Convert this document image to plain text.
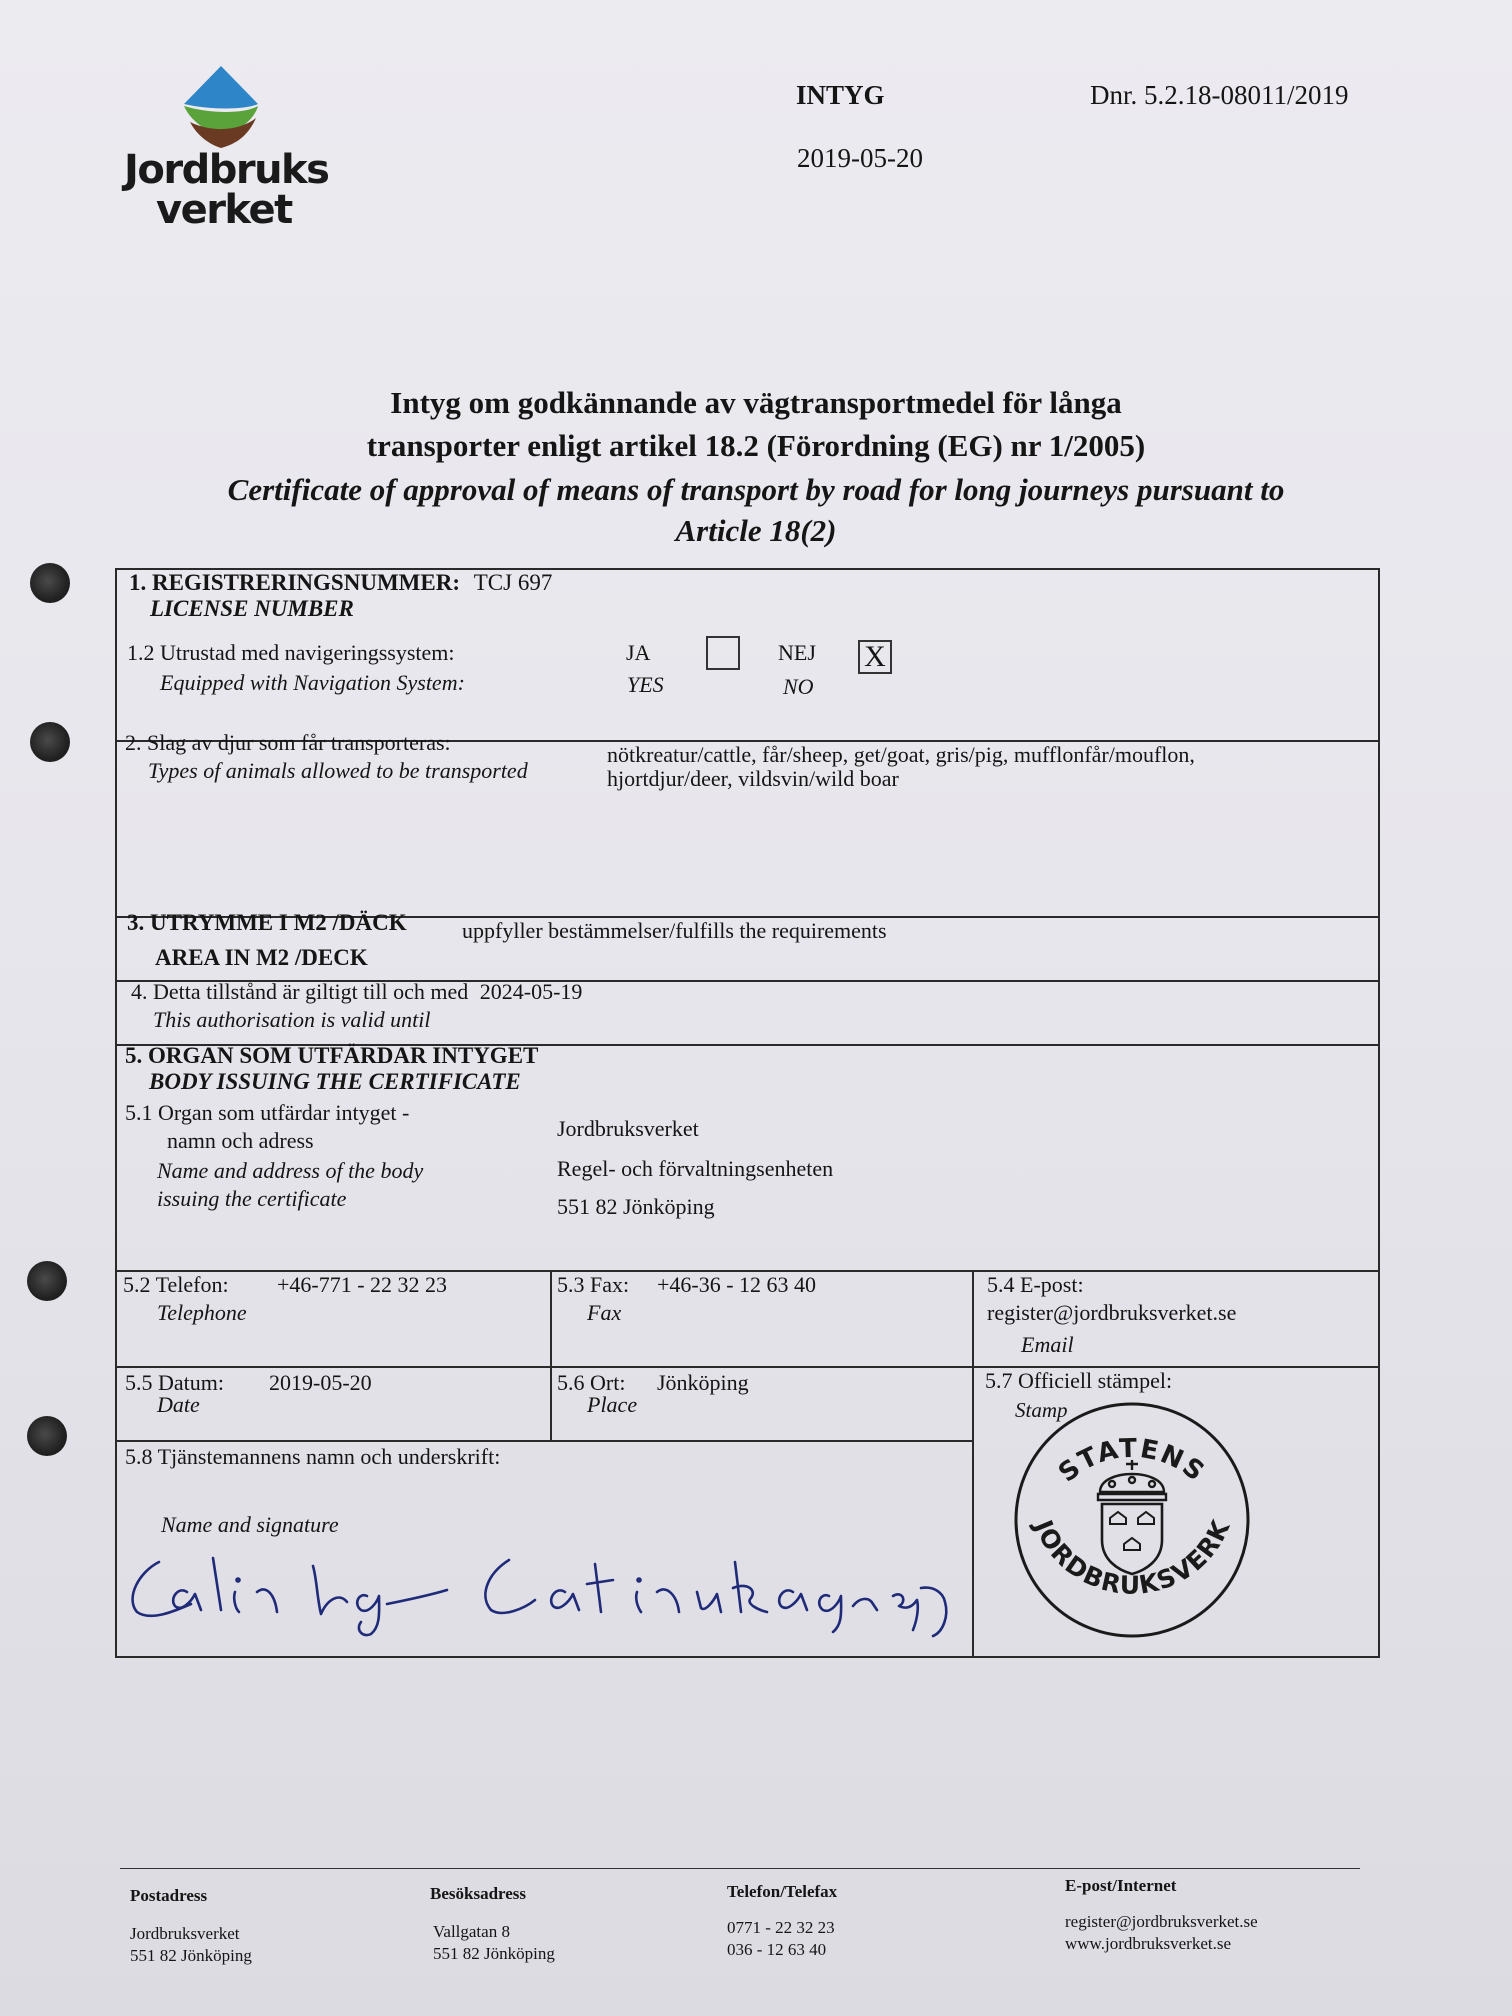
Jordbruks
verket
INTYG	Dnr. 5.2.18-08011/2019
2019-05-20
Intyg om godkännande av vägtransportmedel för långa
transporter enligt artikel 18.2 (Förordning (EG) nr 1/2005)
Certificate of approval of means of transport by road for long journeys pursuant to
Article 18(2)
1. REGISTRERINGSNUMMER: TCJ 697
LICENSE NUMBER
1.2 Utrustad med navigeringssystem:
Equipped with Navigation System:
JA
YES
NEJ
NO
X
2. Slag av djur som får transporteras:
Types of animals allowed to be transported
nötkreatur/cattle, får/sheep, get/goat, gris/pig, mufflonfår/mouflon,
hjortdjur/deer, vildsvin/wild boar
3. UTRYMME I M2 /DÄCK	uppfyller bestämmelser/fulfills the requirements
AREA IN M2 /DECK
4. Detta tillstånd är giltigt till och med 2024-05-19
This authorisation is valid until
5. ORGAN SOM UTFÄRDAR INTYGET
BODY ISSUING THE CERTIFICATE
5.1 Organ som utfärdar intyget -
namn och adress
Name and address of the body
issuing the certificate
Jordbruksverket
Regel- och förvaltningsenheten
551 82 Jönköping
5.2 Telefon: +46-771 - 22 32 23
Telephone
5.3 Fax: +46-36 - 12 63 40
Fax
5.4 E-post:
register@jordbruksverket.se
Email
5.5 Datum: 2019-05-20
Date
5.6 Ort: Jönköping
Place
5.7 Officiell stämpel:
Stamp
5.8 Tjänstemannens namn och underskrift:
Name and signature
STATENS
JORDBRUKSVERK
Postadress
Jordbruksverket
551 82 Jönköping
Besöksadress
Vallgatan 8
551 82 Jönköping
Telefon/Telefax
0771 - 22 32 23
036 - 12 63 40
E-post/Internet
register@jordbruksverket.se
www.jordbruksverket.se
